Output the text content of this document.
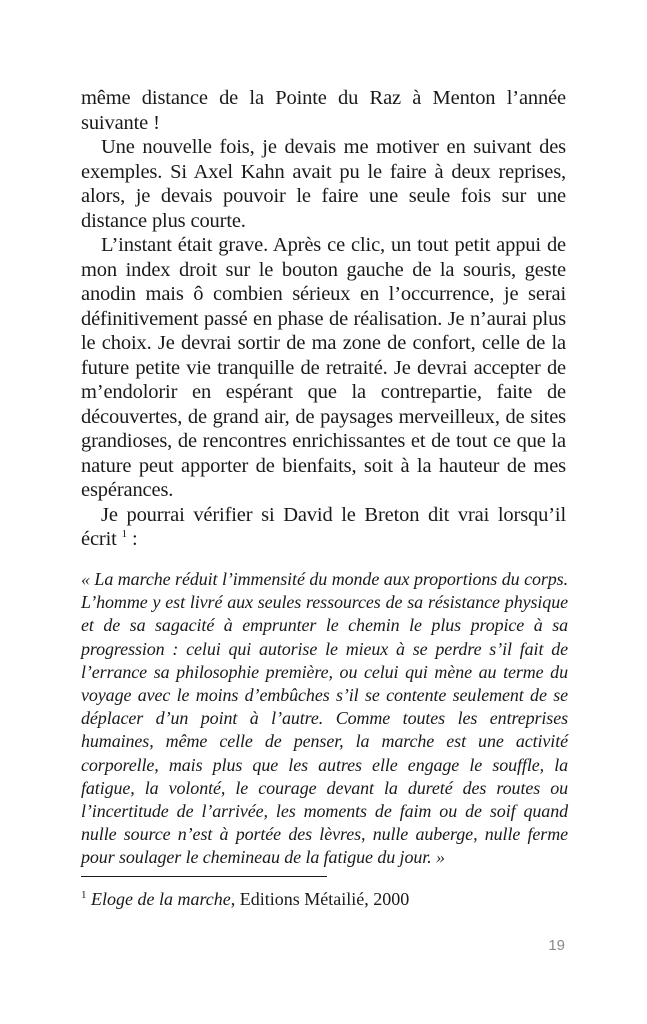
même distance de la Pointe du Raz à Menton l’année suivante !

Une nouvelle fois, je devais me motiver en suivant des exemples. Si Axel Kahn avait pu le faire à deux reprises, alors, je devais pouvoir le faire une seule fois sur une distance plus courte.

L’instant était grave. Après ce clic, un tout petit appui de mon index droit sur le bouton gauche de la souris, geste anodin mais ô combien sérieux en l’occurrence, je serai définitivement passé en phase de réalisation. Je n’aurai plus le choix. Je devrai sortir de ma zone de confort, celle de la future petite vie tranquille de retraité. Je devrai accepter de m’endolorir en espérant que la contrepartie, faite de découvertes, de grand air, de paysages merveilleux, de sites grandioses, de rencontres enrichissantes et de tout ce que la nature peut apporter de bienfaits, soit à la hauteur de mes espérances.

Je pourrai vérifier si David le Breton dit vrai lorsqu’il écrit $^1$ :

« La marche réduit l’immensité du monde aux proportions du corps. L’homme y est livré aux seules ressources de sa résistance physique et de sa sagacité à emprunter le chemin le plus propice à sa progression : celui qui autorise le mieux à se perdre s’il fait de l’errance sa philosophie première, ou celui qui mène au terme du voyage avec le moins d’embûches s’il se contente seulement de se déplacer d’un point à l’autre. Comme toutes les entreprises humaines, même celle de penser, la marche est une activité corporelle, mais plus que les autres elle engage le souffle, la fatigue, la volonté, le courage devant la dureté des routes ou l’incertitude de l’arrivée, les moments de faim ou de soif quand nulle source n’est à portée des lèvres, nulle auberge, nulle ferme pour soulager le chemineau de la fatigue du jour. »

$^1$ Eloge de la marche, Editions Métailié, 2000
19
